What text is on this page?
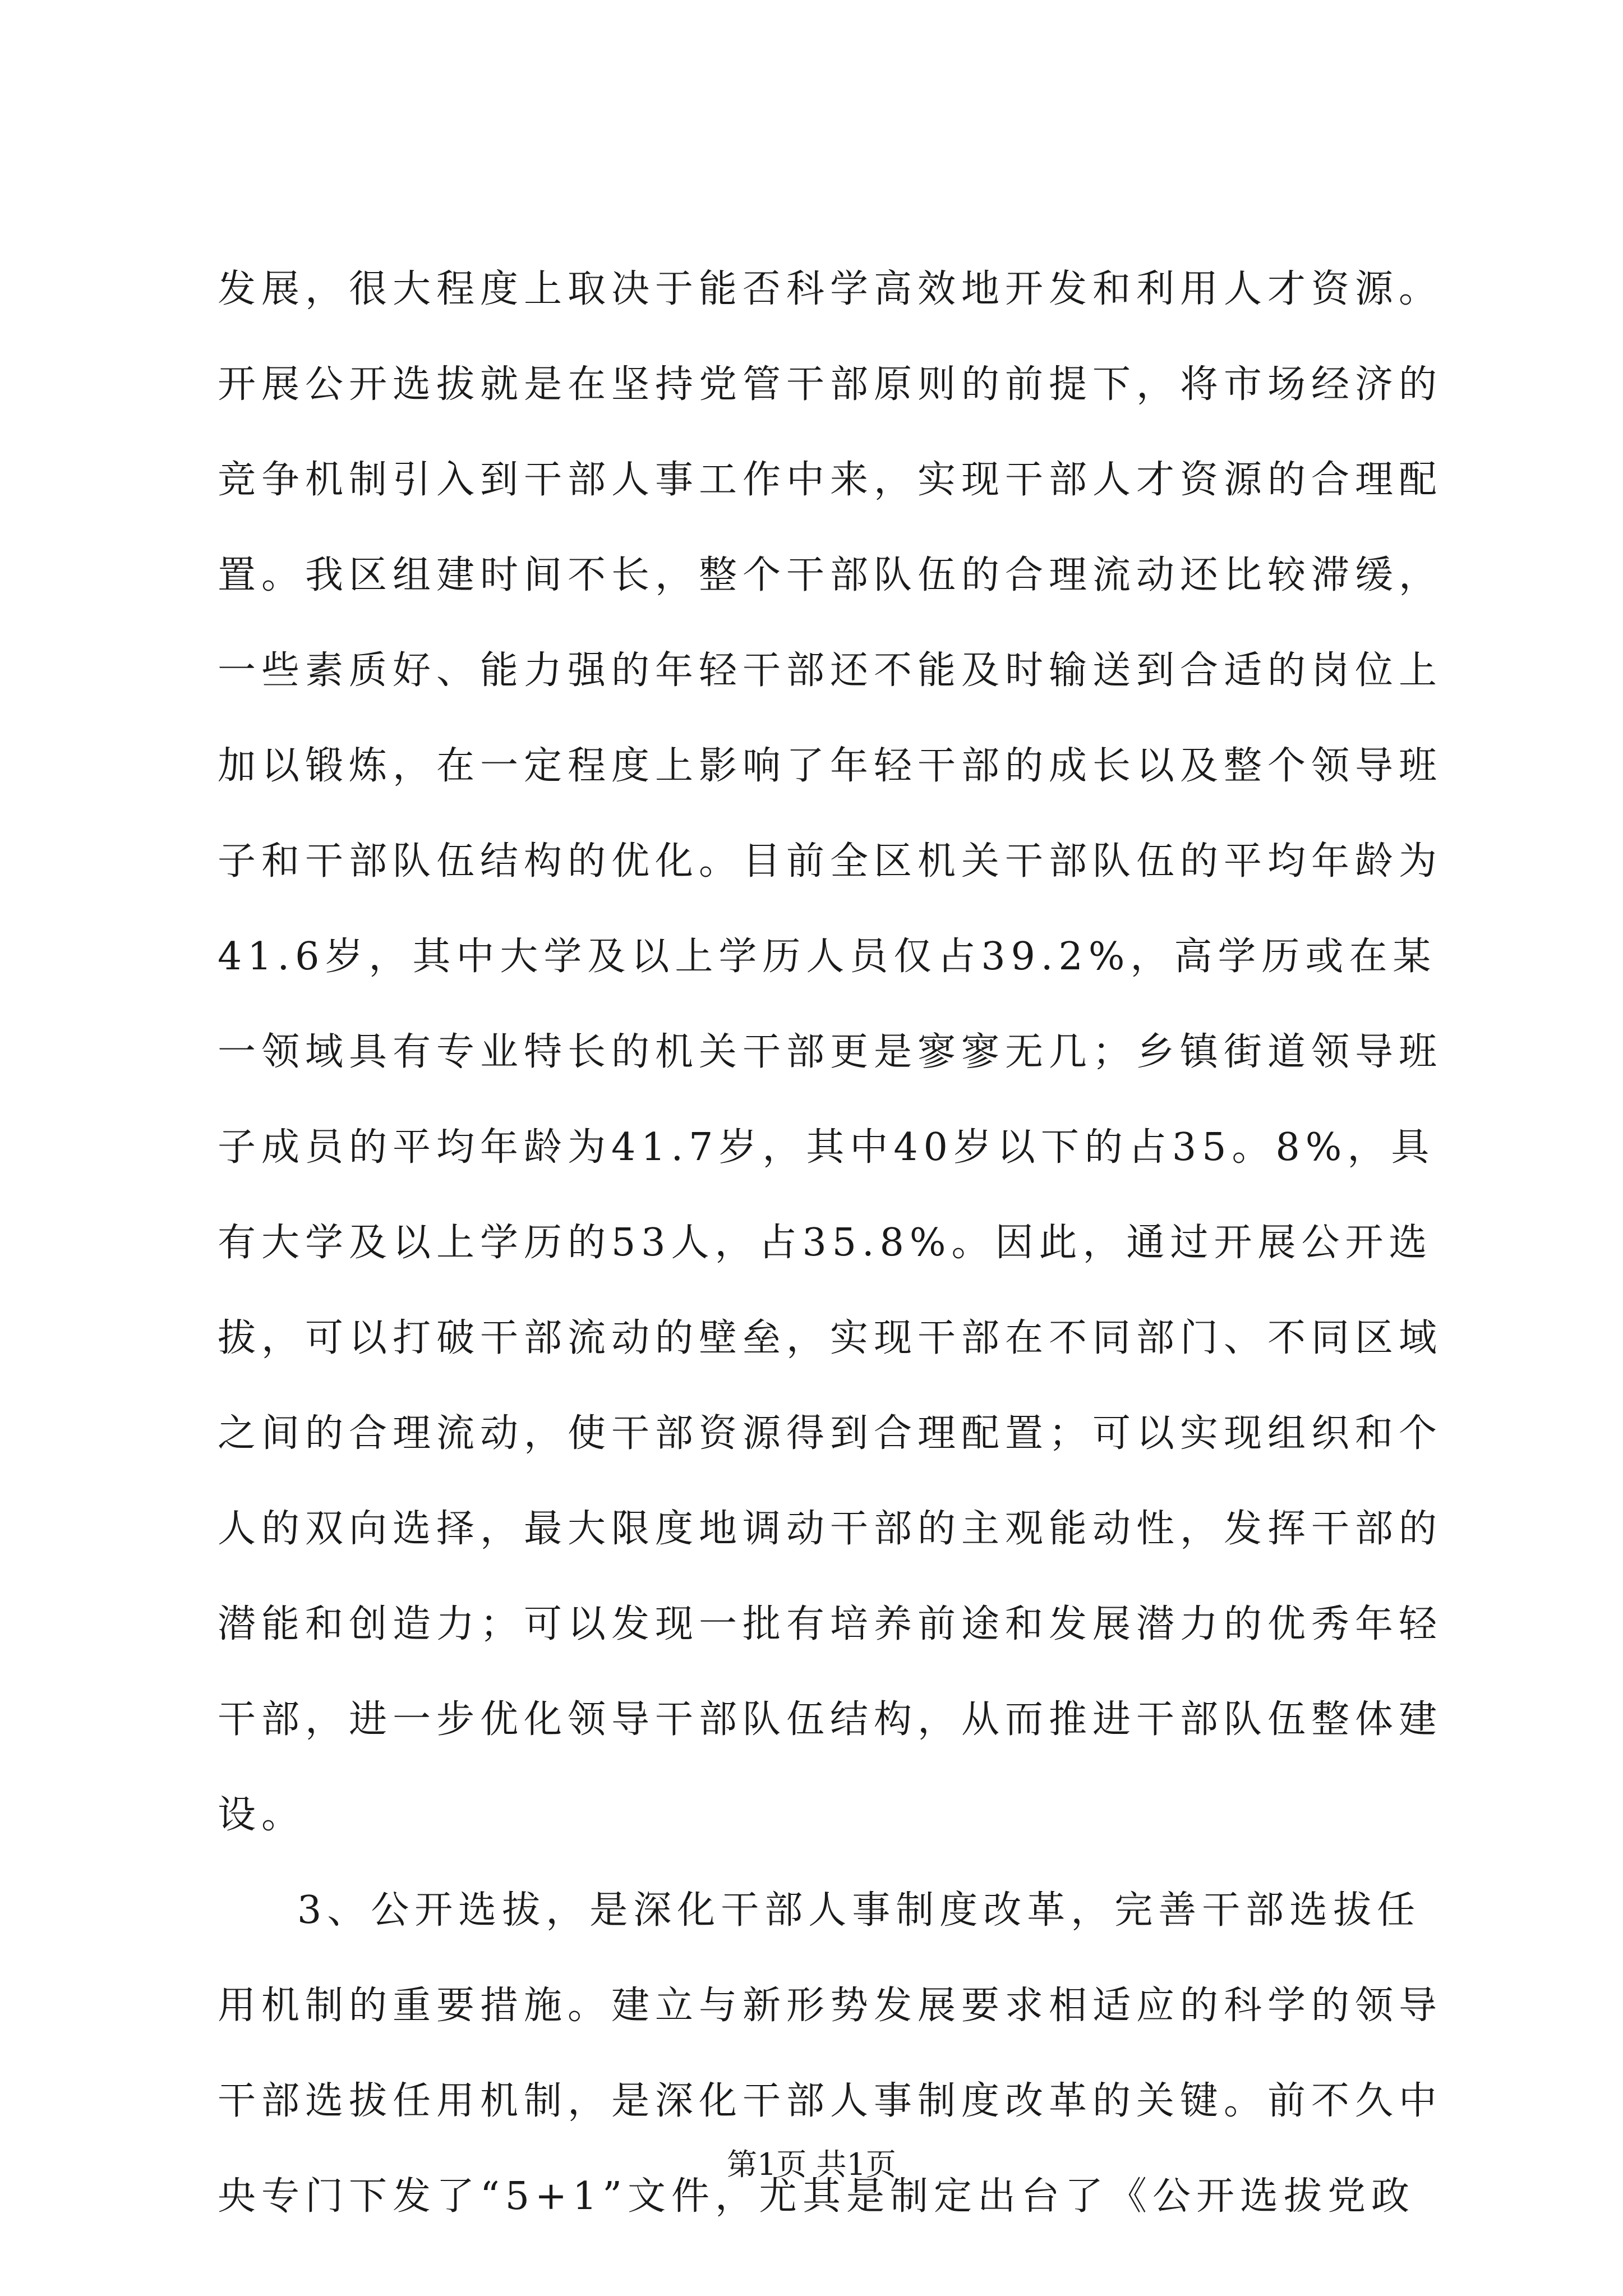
发展，很大程度上取决于能否科学高效地开发和利用人才资源。
开展公开选拔就是在坚持党管干部原则的前提下，将市场经济的
竞争机制引入到干部人事工作中来，实现干部人才资源的合理配
置。我区组建时间不长，整个干部队伍的合理流动还比较滞缓，
一些素质好、能力强的年轻干部还不能及时输送到合适的岗位上
加以锻炼，在一定程度上影响了年轻干部的成长以及整个领导班
子和干部队伍结构的优化。目前全区机关干部队伍的平均年龄为
41.6岁，其中大学及以上学历人员仅占39.2%，高学历或在某
一领域具有专业特长的机关干部更是寥寥无几；乡镇街道领导班
子成员的平均年龄为41.7岁，其中40岁以下的占35。8%，具
有大学及以上学历的53人，占35.8%。因此，通过开展公开选
拔，可以打破干部流动的壁垒，实现干部在不同部门、不同区域
之间的合理流动，使干部资源得到合理配置；可以实现组织和个
人的双向选择，最大限度地调动干部的主观能动性，发挥干部的
潜能和创造力；可以发现一批有培养前途和发展潜力的优秀年轻
干部，进一步优化领导干部队伍结构，从而推进干部队伍整体建
设。
3、公开选拔，是深化干部人事制度改革，完善干部选拔任
用机制的重要措施。建立与新形势发展要求相适应的科学的领导
干部选拔任用机制，是深化干部人事制度改革的关键。前不久中
央专门下发了“5+1”文件，尤其是制定出台了《公开选拔党政
第1页 共1页
